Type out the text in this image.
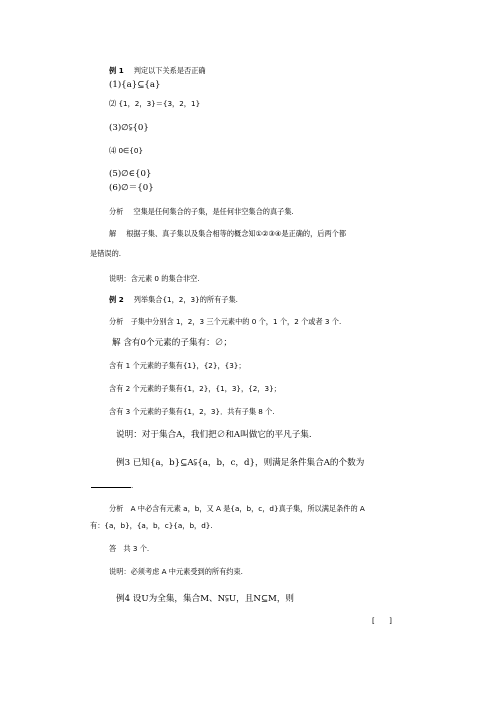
例 1 判定以下关系是否正确
(1){a}⊆{a}
⑵ {1，2，3}＝{3，2，1}
(3)∅⫋{0}
⑷ 0∈{0}
(5)∅∈{0}
(6)∅＝{0}
分析 空集是任何集合的子集，是任何非空集合的真子集.
解 根据子集、真子集以及集合相等的概念知①②③④是正确的，后两个都
是错误的.
说明：含元素 0 的集合非空.
例 2 列举集合{1，2，3}的所有子集.
分析　子集中分别含 1，2，3 三个元素中的 0 个，1 个，2 个或者 3 个.
解 含有0个元素的子集有：∅；
含有 1 个元素的子集有{1}，{2}，{3}；
含有 2 个元素的子集有{1，2}，{1，3}，{2，3}；
含有 3 个元素的子集有{1，2，3}．共有子集 8 个.
说明：对于集合A，我们把∅和A叫做它的平凡子集.
例3 已知{a，b}⊆A⫋{a，b，c，d}，则满足条件集合A的个数为
.
分析　A 中必含有元素 a，b，又 A 是{a，b，c，d}真子集，所以满足条件的 A
有：{a，b}，{a，b，c}{a，b，d}.
答　共 3 个.
说明：必须考虑 A 中元素受到的所有约束.
例4 设U为全集，集合M、N⫋U，且N⊆M，则
[　　]
